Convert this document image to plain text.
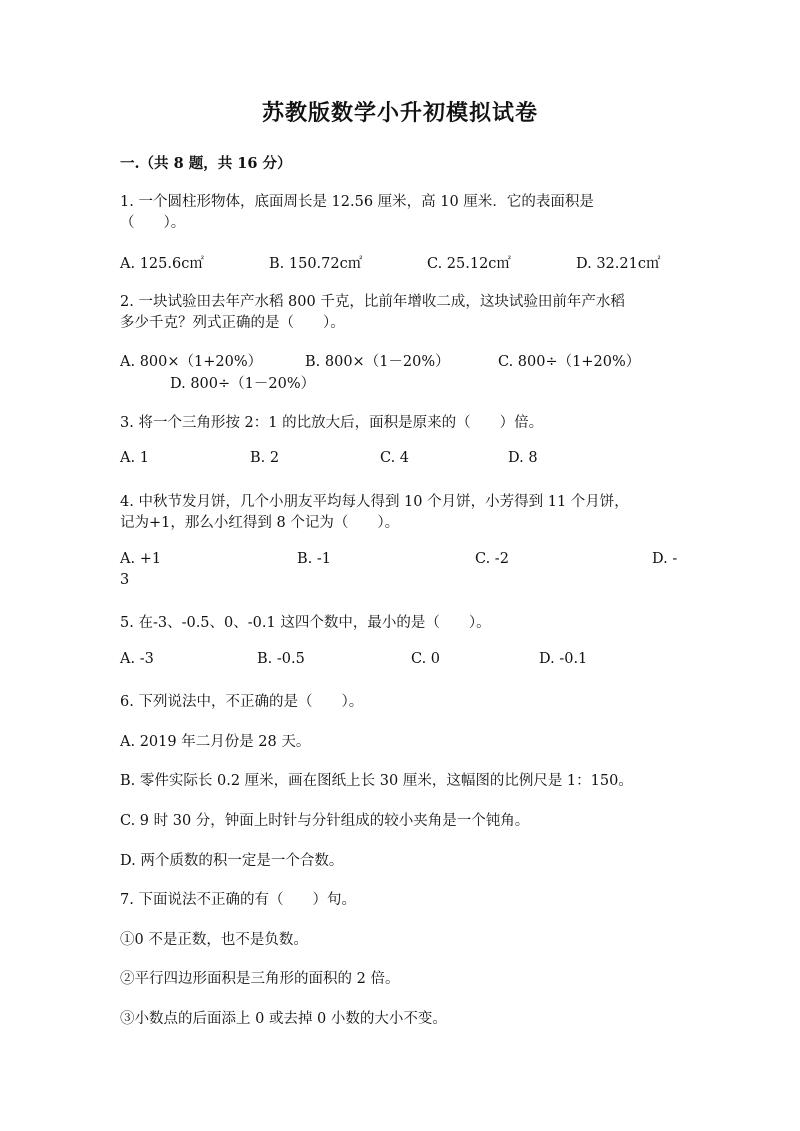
苏教版数学小升初模拟试卷
一.（共 8 题，共 16 分）
1. 一个圆柱形物体，底面周长是 12.56 厘米，高 10 厘米．它的表面积是
（　　）。
A. 125.6c㎡	B. 150.72c㎡	C. 25.12c㎡	D. 32.21c㎡
2. 一块试验田去年产水稻 800 千克，比前年增收二成，这块试验田前年产水稻
多少千克？列式正确的是（　　）。
A. 800×（1+20%）	B. 800×（1－20%）	C. 800÷（1+20%）
D. 800÷（1－20%）
3. 将一个三角形按 2：1 的比放大后，面积是原来的（　　）倍。
A. 1	B. 2	C. 4	D. 8
4. 中秋节发月饼，几个小朋友平均每人得到 10 个月饼，小芳得到 11 个月饼，
记为+1，那么小红得到 8 个记为（　　）。
A. +1	B. -1	C. -2	D. -
3
5. 在-3、-0.5、0、-0.1 这四个数中，最小的是（　　）。
A. -3	B. -0.5	C. 0	D. -0.1
6. 下列说法中，不正确的是（　　）。
A. 2019 年二月份是 28 天。
B. 零件实际长 0.2 厘米，画在图纸上长 30 厘米，这幅图的比例尺是 1：150。
C. 9 时 30 分，钟面上时针与分针组成的较小夹角是一个钝角。
D. 两个质数的积一定是一个合数。
7. 下面说法不正确的有（　　）句。
①0 不是正数，也不是负数。
②平行四边形面积是三角形的面积的 2 倍。
③小数点的后面添上 0 或去掉 0 小数的大小不变。
